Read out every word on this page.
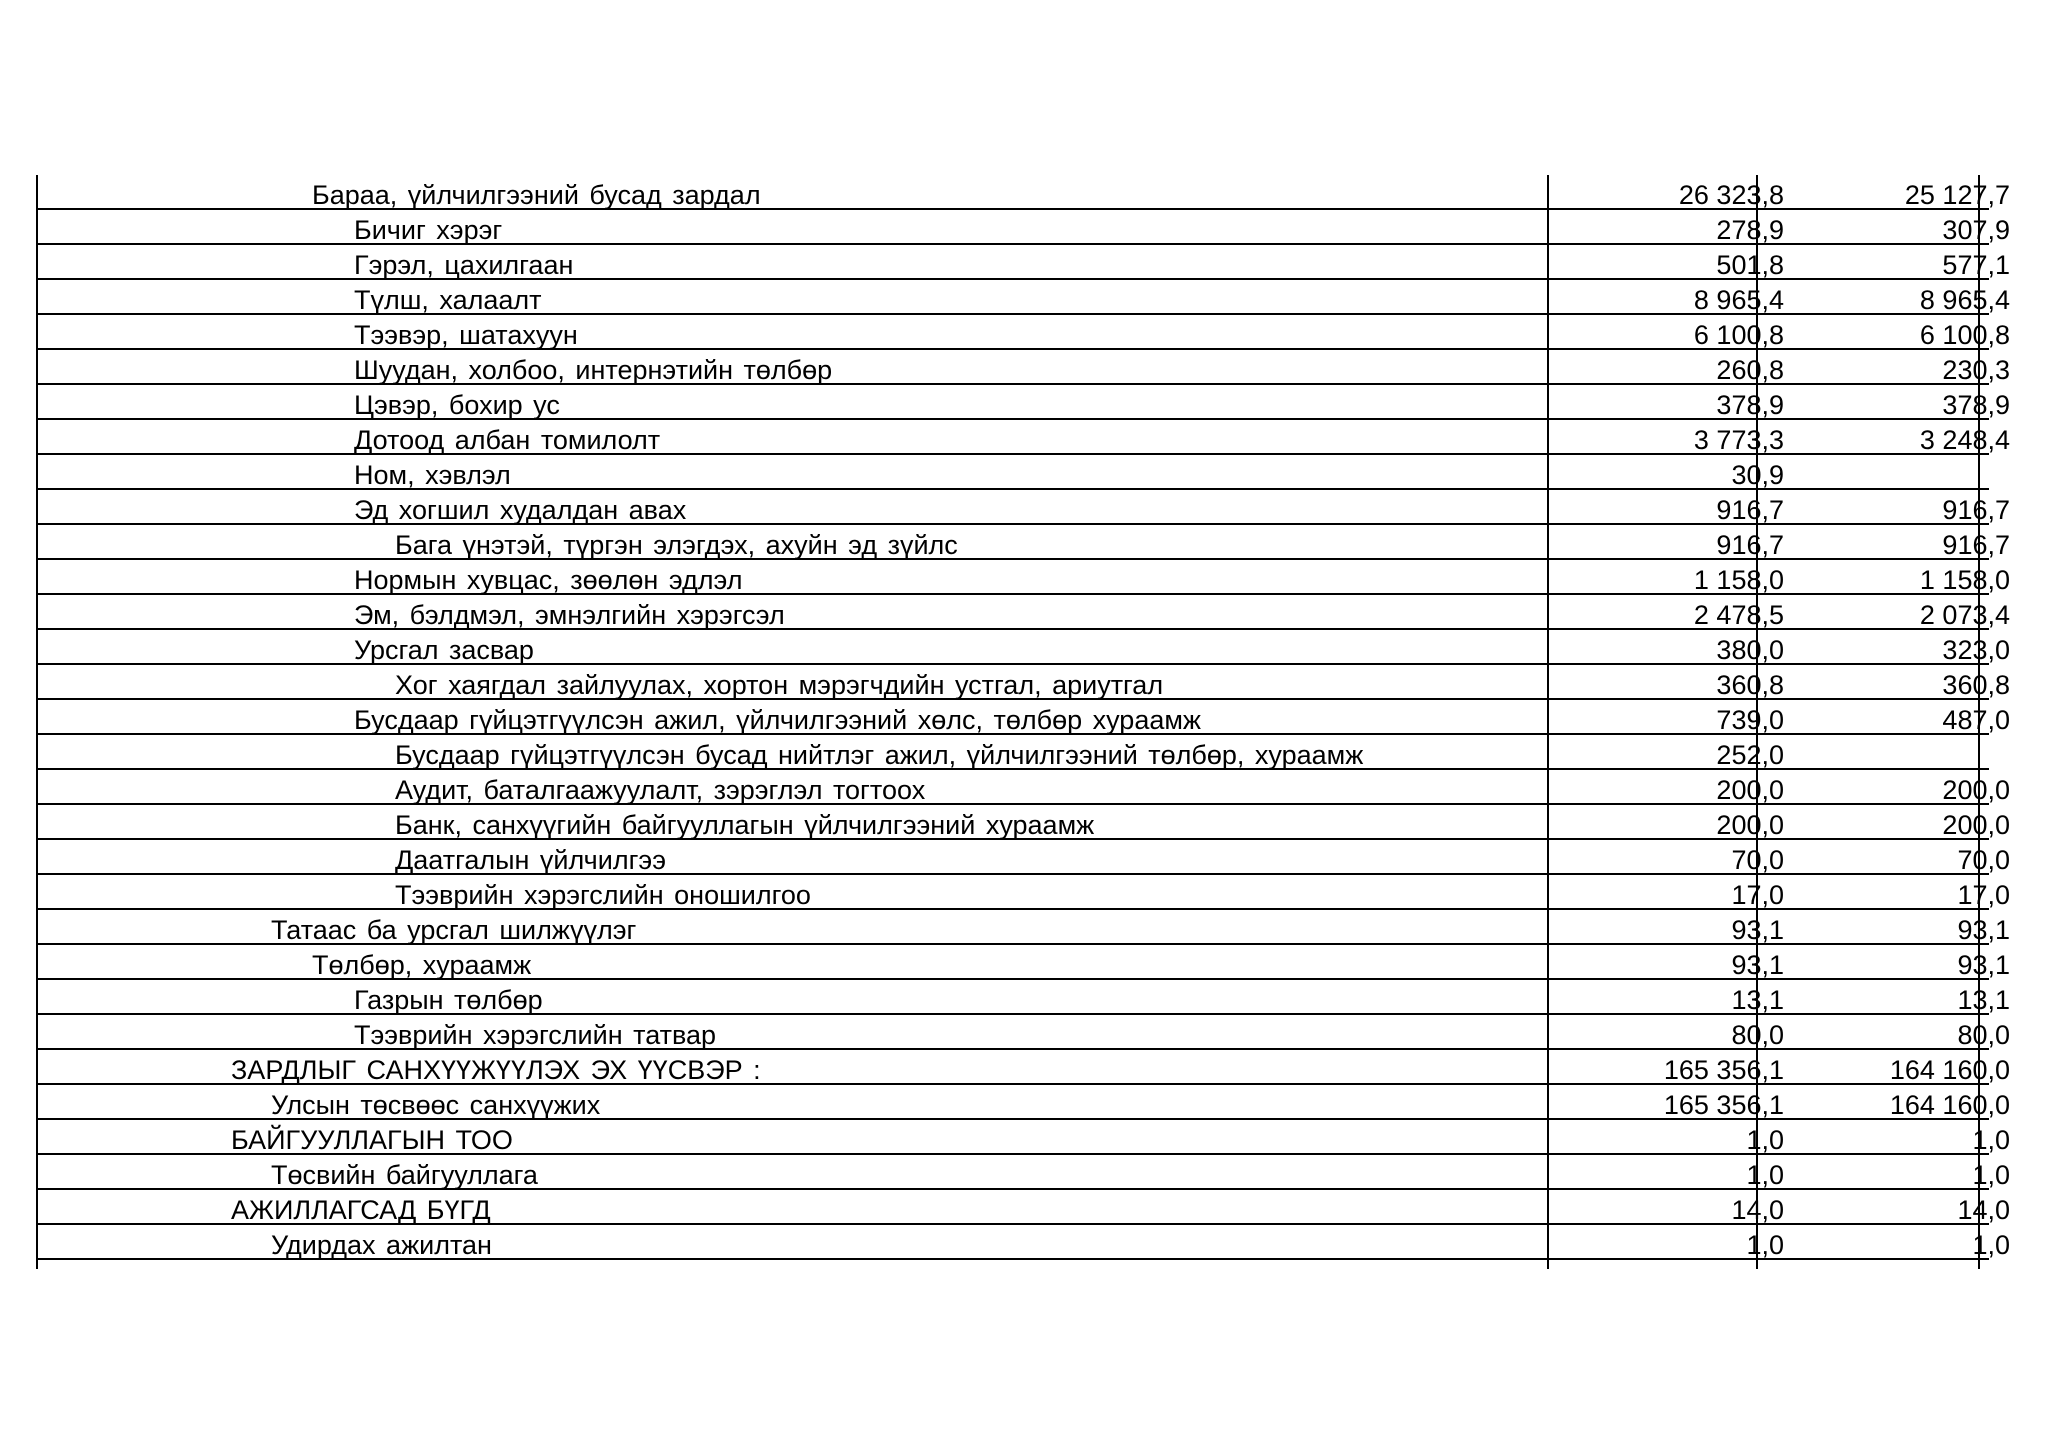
Бараа, үйлчилгээний бусад зардал	26 323,8	25 127,7
Бичиг хэрэг	278,9	307,9
Гэрэл, цахилгаан	501,8	577,1
Түлш, халаалт	8 965,4	8 965,4
Тээвэр, шатахуун	6 100,8	6 100,8
Шуудан, холбоо, интернэтийн төлбөр	260,8	230,3
Цэвэр, бохир ус	378,9	378,9
Дотоод албан томилолт	3 773,3	3 248,4
Ном, хэвлэл	30,9
Эд хогшил худалдан авах	916,7	916,7
Бага үнэтэй, түргэн элэгдэх, ахуйн эд зүйлс	916,7	916,7
Нормын хувцас, зөөлөн эдлэл	1 158,0	1 158,0
Эм, бэлдмэл, эмнэлгийн хэрэгсэл	2 478,5	2 073,4
Урсгал засвар	380,0	323,0
Хог хаягдал зайлуулах, хортон мэрэгчдийн устгал, ариутгал	360,8	360,8
Бусдаар гүйцэтгүүлсэн ажил, үйлчилгээний хөлс, төлбөр хураамж	739,0	487,0
Бусдаар гүйцэтгүүлсэн бусад нийтлэг ажил, үйлчилгээний төлбөр, хураамж	252,0
Аудит, баталгаажуулалт, зэрэглэл тогтоох	200,0	200,0
Банк, санхүүгийн байгууллагын үйлчилгээний хураамж	200,0	200,0
Даатгалын үйлчилгээ	70,0	70,0
Тээврийн хэрэгслийн оношилгоо	17,0	17,0
Татаас ба урсгал шилжүүлэг	93,1	93,1
Төлбөр, хураамж	93,1	93,1
Газрын төлбөр	13,1	13,1
Тээврийн хэрэгслийн татвар	80,0	80,0
ЗАРДЛЫГ САНХҮҮЖҮҮЛЭХ ЭХ ҮҮСВЭР :	165 356,1	164 160,0
Улсын төсвөөс санхүүжих	165 356,1	164 160,0
БАЙГУУЛЛАГЫН ТОО	1,0	1,0
Төсвийн байгууллага	1,0	1,0
АЖИЛЛАГСАД БҮГД	14,0	14,0
Удирдах ажилтан	1,0	1,0
